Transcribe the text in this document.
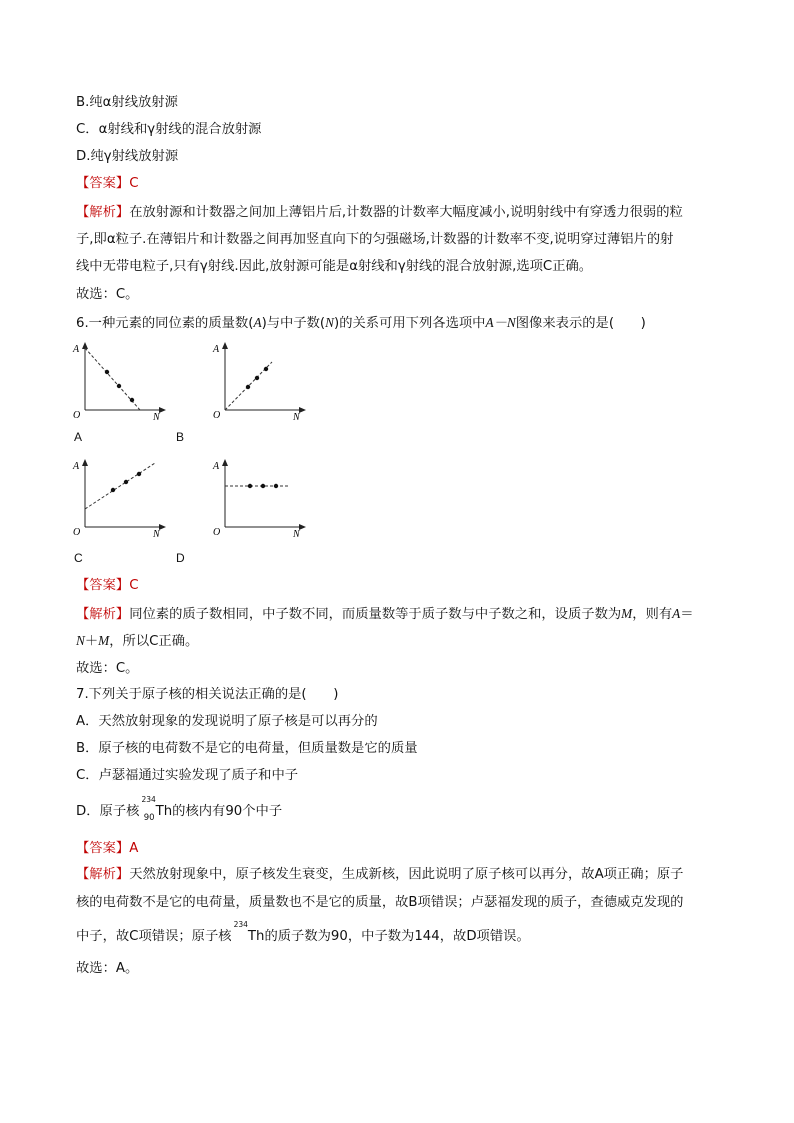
B.纯α射线放射源
C．α射线和γ射线的混合放射源
D.纯γ射线放射源
【答案】C
【解析】在放射源和计数器之间加上薄铝片后,计数器的计数率大幅度减小,说明射线中有穿透力很弱的粒
子,即α粒子.在薄铝片和计数器之间再加竖直向下的匀强磁场,计数器的计数率不变,说明穿过薄铝片的射
线中无带电粒子,只有γ射线.因此,放射源可能是α射线和γ射线的混合放射源,选项C正确。
故选：C。
6.一种元素的同位素的质量数(A)与中子数(N)的关系可用下列各选项中A－N图像来表示的是(　　)
A
O	N
A
A
O	N
B
A
O	N
C
A
O	N
D
【答案】C
【解析】同位素的质子数相同，中子数不同，而质量数等于质子数与中子数之和，设质子数为M，则有A＝
N＋M，所以C正确。
故选：C。
7.下列关于原子核的相关说法正确的是(　　)
A．天然放射现象的发现说明了原子核是可以再分的
B．原子核的电荷数不是它的电荷量，但质量数是它的质量
C．卢瑟福通过实验发现了质子和中子
D．原子核$^{234}_{90}$Th的核内有90个中子
【答案】A
【解析】天然放射现象中，原子核发生衰变，生成新核，因此说明了原子核可以再分，故A项正确；原子
核的电荷数不是它的电荷量，质量数也不是它的质量，故B项错误；卢瑟福发现的质子，查德威克发现的
中子，故C项错误；原子核$^{234}$Th的质子数为90，中子数为144，故D项错误。
故选：A。
